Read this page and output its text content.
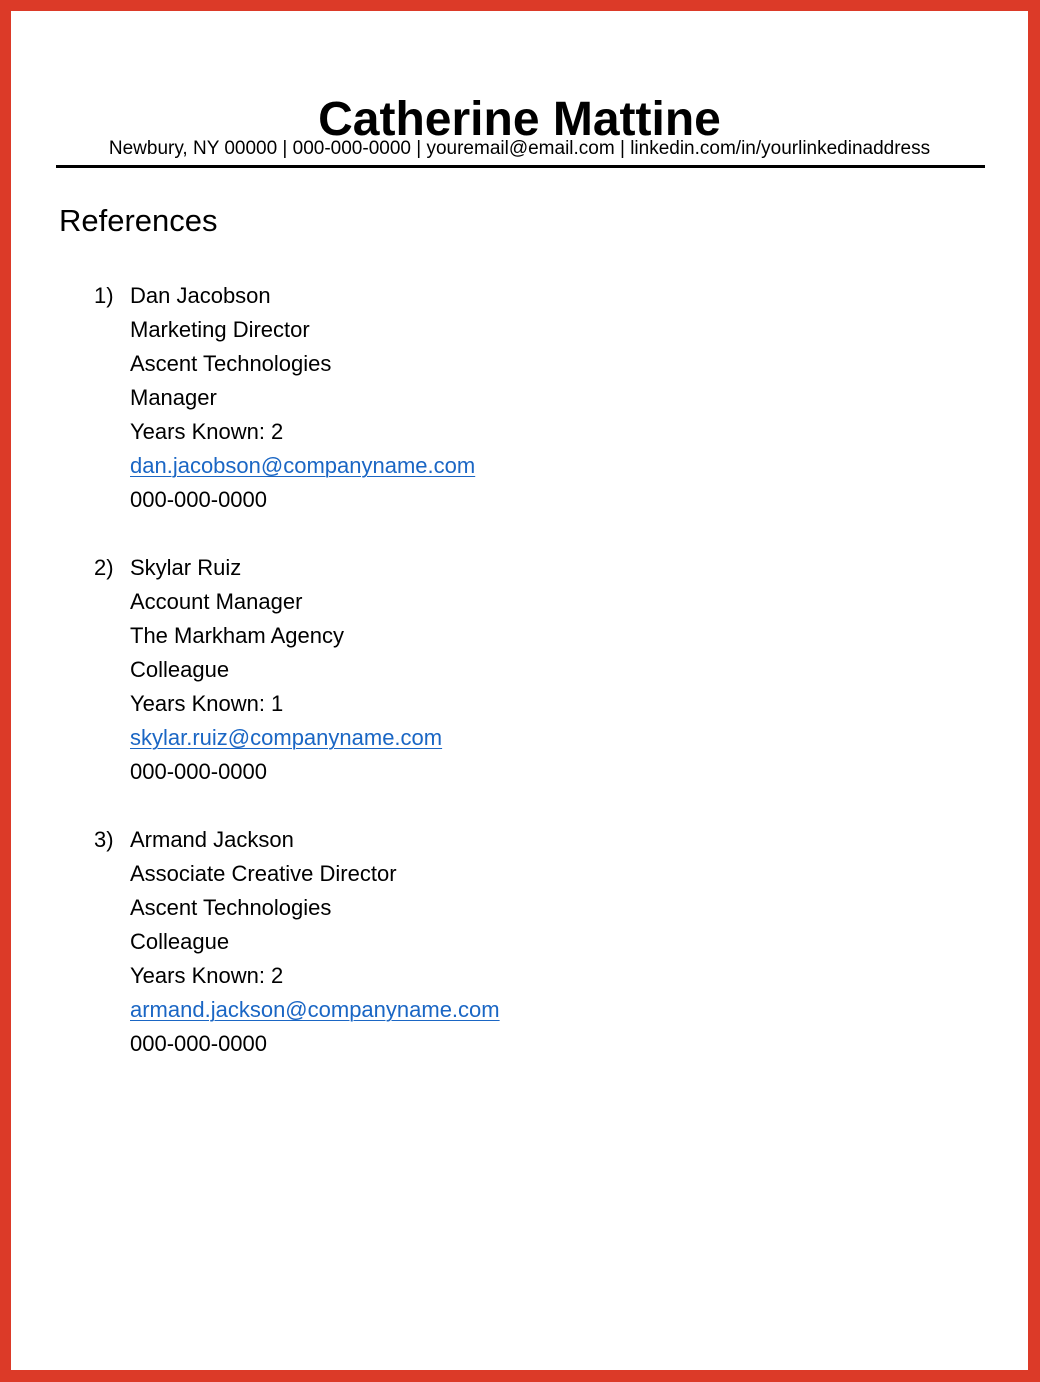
Catherine Mattine
Newbury, NY 00000 | 000-000-0000 | youremail@email.com | linkedin.com/in/yourlinkedinaddress
References
1) Dan Jacobson
Marketing Director
Ascent Technologies
Manager
Years Known: 2
dan.jacobson@companyname.com
000-000-0000
2) Skylar Ruiz
Account Manager
The Markham Agency
Colleague
Years Known: 1
skylar.ruiz@companyname.com
000-000-0000
3) Armand Jackson
Associate Creative Director
Ascent Technologies
Colleague
Years Known: 2
armand.jackson@companyname.com
000-000-0000
